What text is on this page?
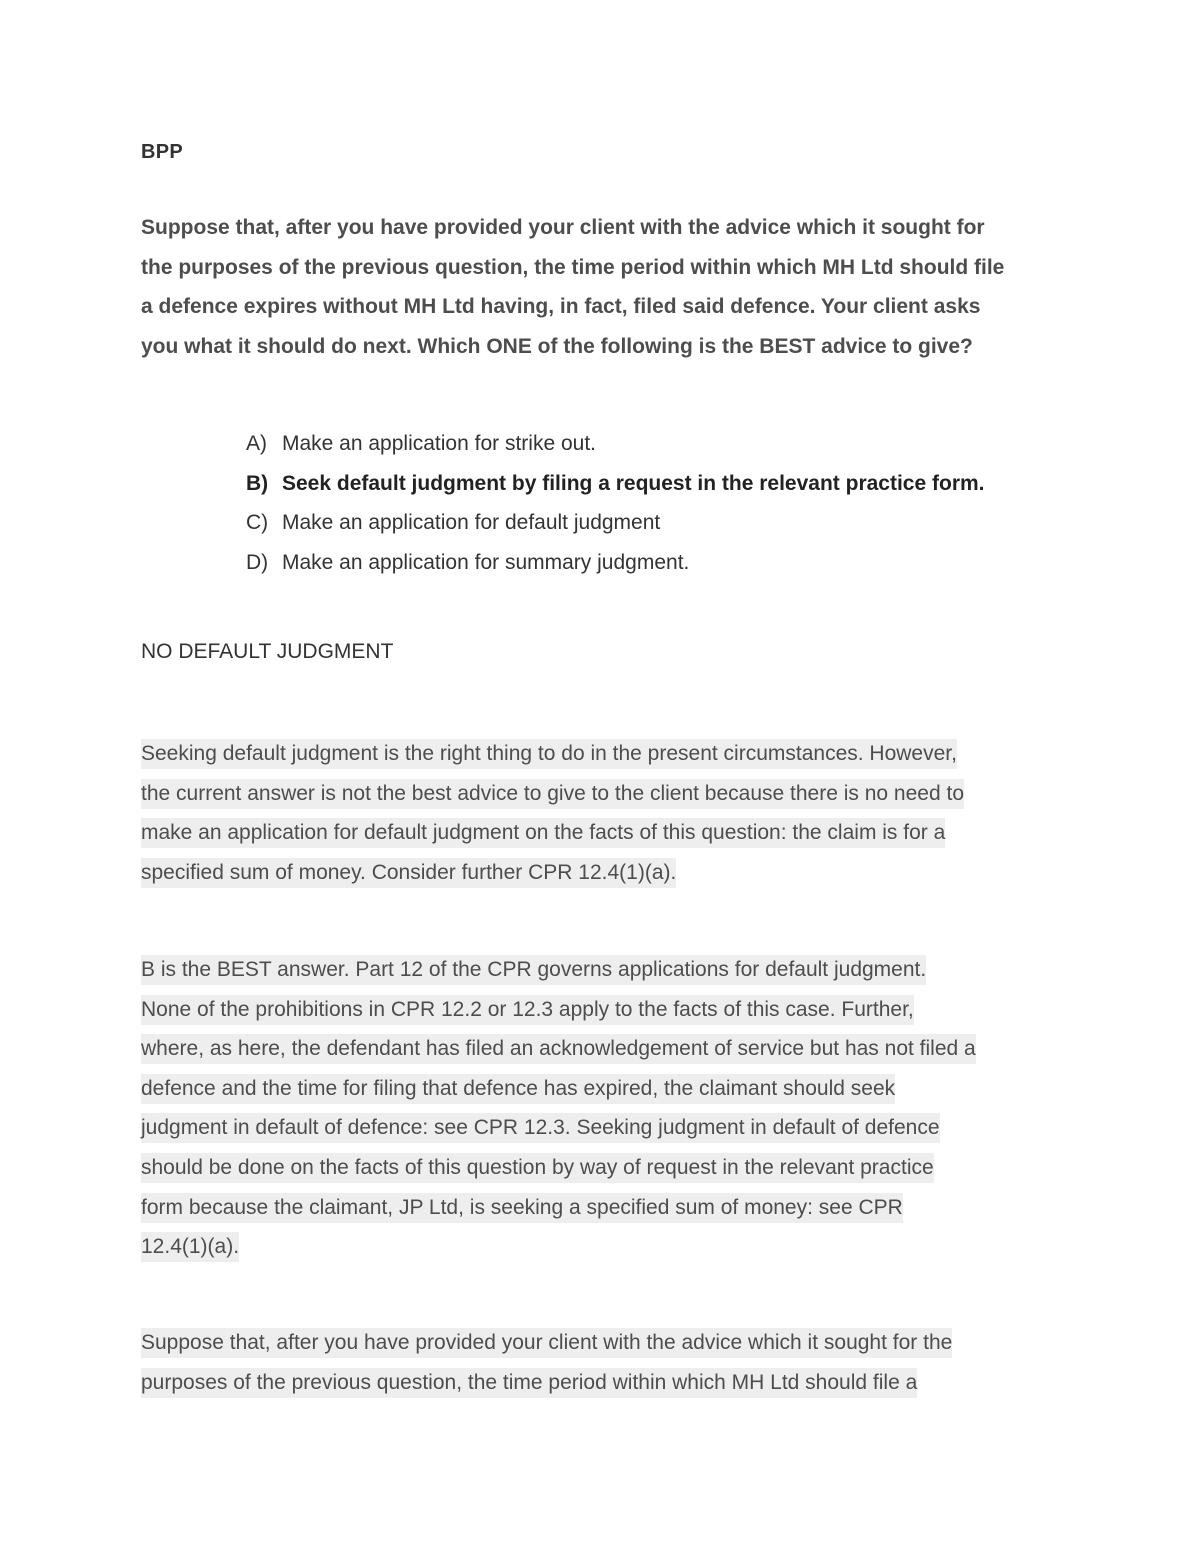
BPP

Suppose that, after you have provided your client with the advice which it sought for

the purposes of the previous question, the time period within which MH Ltd should file

a defence expires without MH Ltd having, in fact, filed said defence. Your client asks

you what it should do next. Which ONE of the following is the BEST advice to give?

A) Make an application for strike out.
B) Seek default judgment by filing a request in the relevant practice form.
C) Make an application for default judgment
D) Make an application for summary judgment.
NO DEFAULT JUDGMENT
Seeking default judgment is the right thing to do in the present circumstances. However,
the current answer is not the best advice to give to the client because there is no need to
make an application for default judgment on the facts of this question: the claim is for a
specified sum of money. Consider further CPR 12.4(1)(a).
B is the BEST answer. Part 12 of the CPR governs applications for default judgment.
None of the prohibitions in CPR 12.2 or 12.3 apply to the facts of this case. Further,
where, as here, the defendant has filed an acknowledgement of service but has not filed a
defence and the time for filing that defence has expired, the claimant should seek
judgment in default of defence: see CPR 12.3. Seeking judgment in default of defence
should be done on the facts of this question by way of request in the relevant practice
form because the claimant, JP Ltd, is seeking a specified sum of money: see CPR
12.4(1)(a).
Suppose that, after you have provided your client with the advice which it sought for the
purposes of the previous question, the time period within which MH Ltd should file a
